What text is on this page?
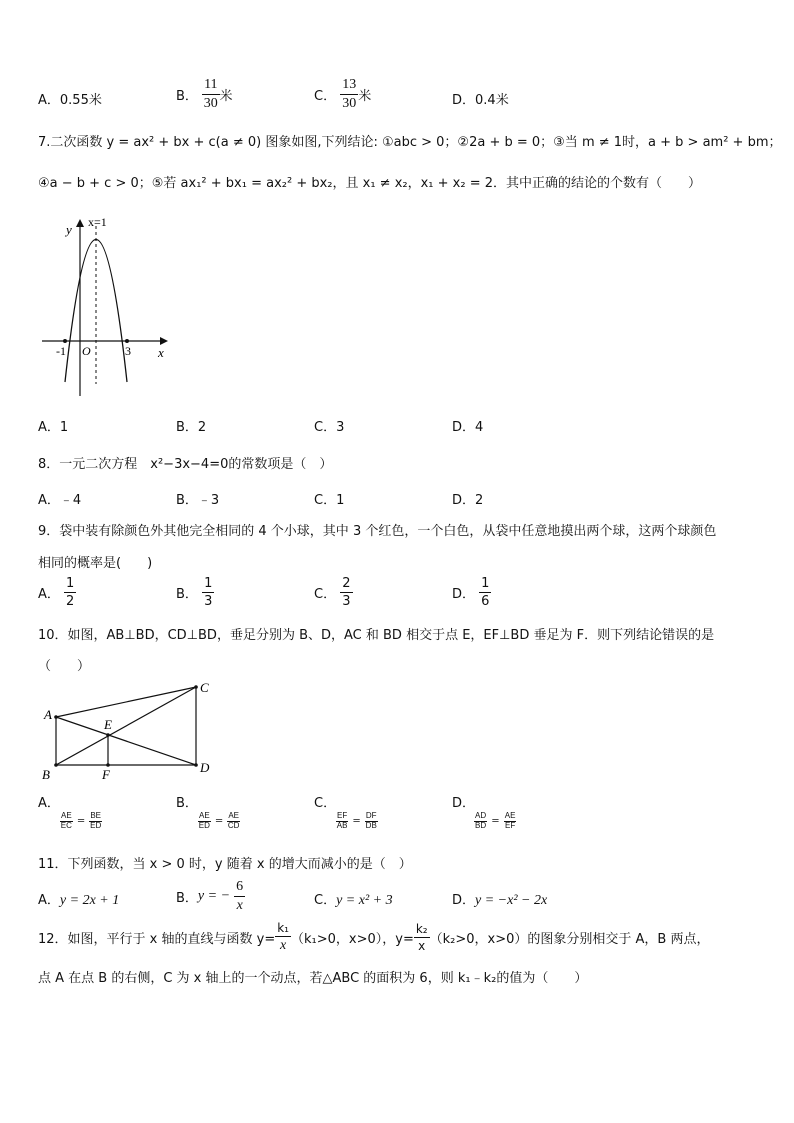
A．0.55米	B． $\frac{11}{30}$ 米	C． $\frac{13}{30}$ 米	D．0.4米
7.二次函数 y = ax² + bx + c(a ≠ 0) 图象如图,下列结论: ①abc > 0；②2a + b = 0；③当 m ≠ 1时，a + b > am² + bm；
④a − b + c > 0；⑤若 ax₁² + bx₁ = ax₂² + bx₂，且 x₁ ≠ x₂，x₁ + x₂ = 2．其中正确的结论的个数有（　　）
y x=1
O
-1	3 x
A．1	B．2	C．3	D．4
8．一元二次方程　x²−3x−4=0的常数项是（　）
A．﹣4	B．﹣3	C．1	D．2
9．袋中装有除颜色外其他完全相同的 4 个小球，其中 3 个红色，一个白色，从袋中任意地摸出两个球，这两个球颜色
相同的概率是(　　)
A． $\frac{1}{2}$	B． $\frac{1}{3}$	C． $\frac{2}{3}$	D． $\frac{1}{6}$
10．如图，AB⊥BD，CD⊥BD，垂足分别为 B、D，AC 和 BD 相交于点 E，EF⊥BD 垂足为 F．则下列结论错误的是
（　　）
A
B
C
D
E
F
A．
$\frac{AE}{EC} = \frac{BE}{ED}$
B．
$\frac{AE}{ED} = \frac{AE}{CD}$
C．
$\frac{EF}{AB} = \frac{DF}{DB}$
D．
$\frac{AD}{BD} = \frac{AE}{EF}$
11．下列函数，当 x > 0 时，y 随着 x 的增大而减小的是（　）
A．y = 2x + 1	B．y = − $\frac{6}{x}$	C．y = x² + 3	D．y = −x² − 2x
12．如图，平行于 x 轴的直线与函数 $y= \frac{\text{k₁}}{x} (k_1>0$，x>0），$y= \frac{\text{k₂}}{x} (k_2>0$，x>0）的图象分别相交于 A，B 两点，
点 A 在点 B 的右侧，C 为 x 轴上的一个动点，若△ABC 的面积为 6，则 k₁﹣k₂的值为（　　）
